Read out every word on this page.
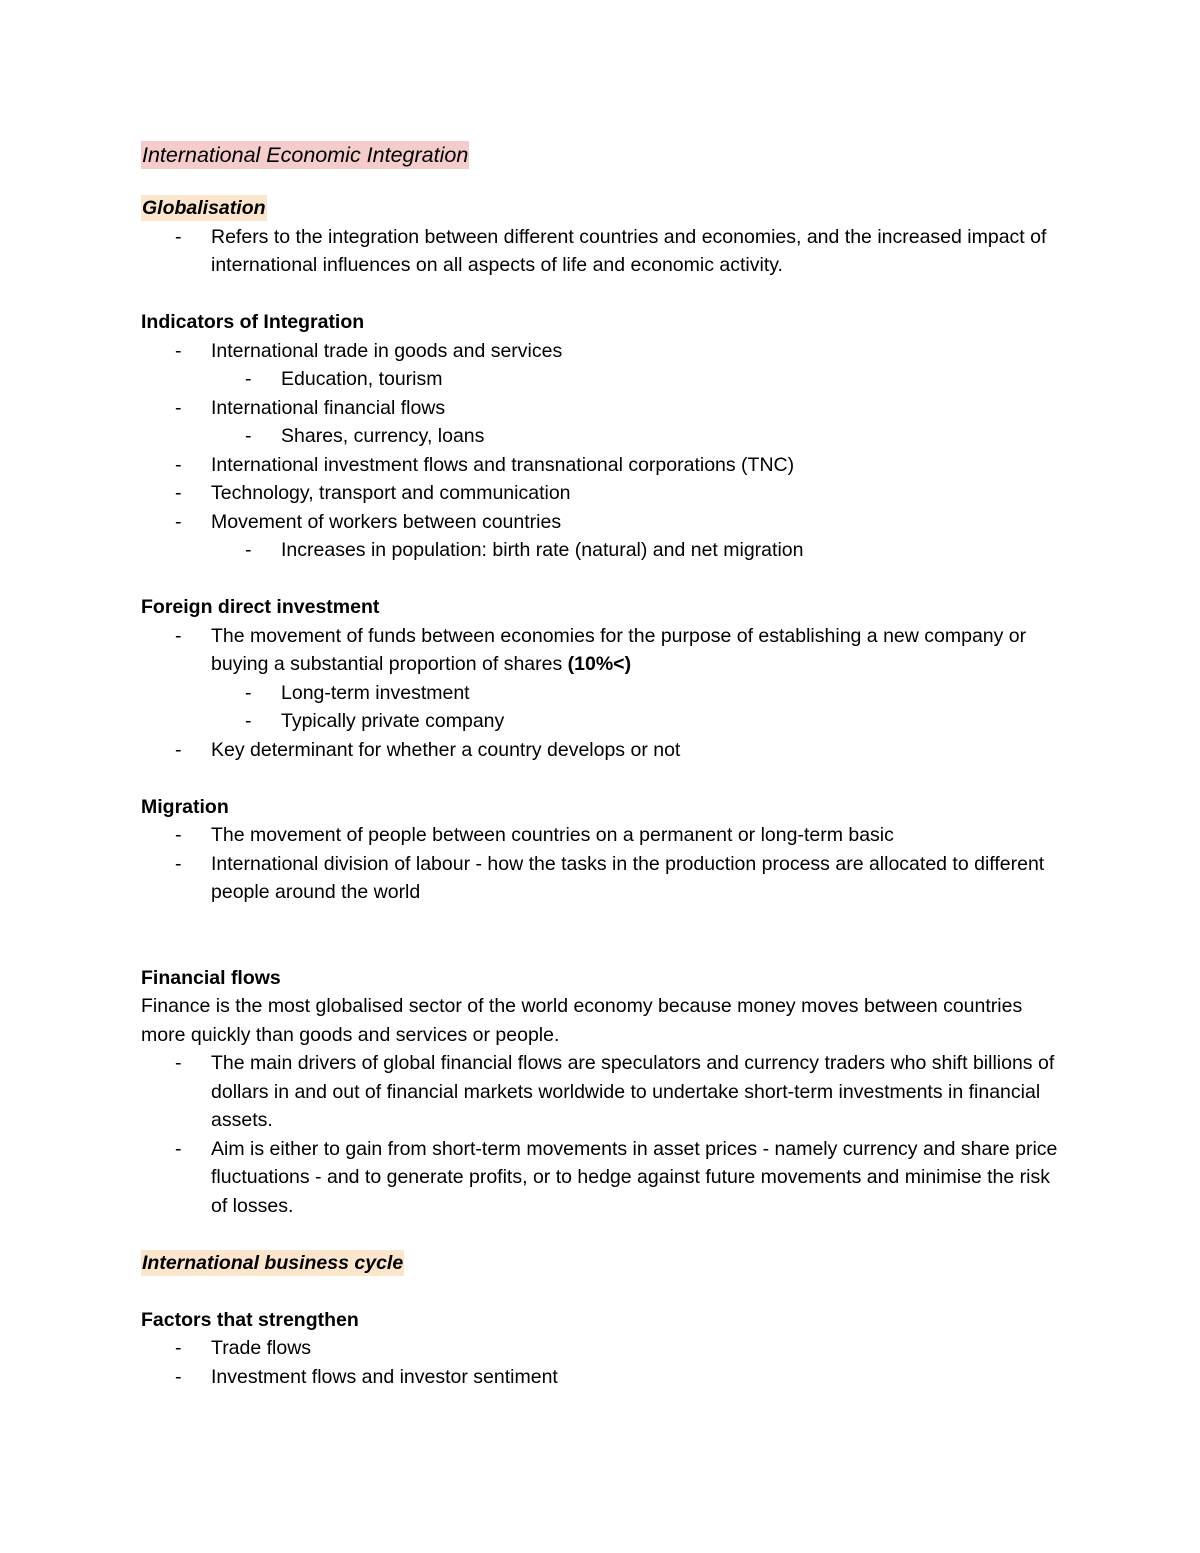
International Economic Integration

Globalisation

- Refers to the integration between different countries and economies, and the increased impact of international influences on all aspects of life and economic activity.

Indicators of Integration

- International trade in goods and services
- Education, tourism
- International financial flows
- Shares, currency, loans
- International investment flows and transnational corporations (TNC)
- Technology, transport and communication
- Movement of workers between countries
- Increases in population: birth rate (natural) and net migration

Foreign direct investment

- The movement of funds between economies for the purpose of establishing a new company or buying a substantial proportion of shares (10%<)
- Long-term investment
- Typically private company
- Key determinant for whether a country develops or not

Migration

- The movement of people between countries on a permanent or long-term basic
- International division of labour - how the tasks in the production process are allocated to different people around the world

Financial flows

Finance is the most globalised sector of the world economy because money moves between countries more quickly than goods and services or people.

- The main drivers of global financial flows are speculators and currency traders who shift billions of dollars in and out of financial markets worldwide to undertake short-term investments in financial assets.
- Aim is either to gain from short-term movements in asset prices - namely currency and share price fluctuations - and to generate profits, or to hedge against future movements and minimise the risk of losses.

International business cycle

Factors that strengthen

- Trade flows
- Investment flows and investor sentiment
